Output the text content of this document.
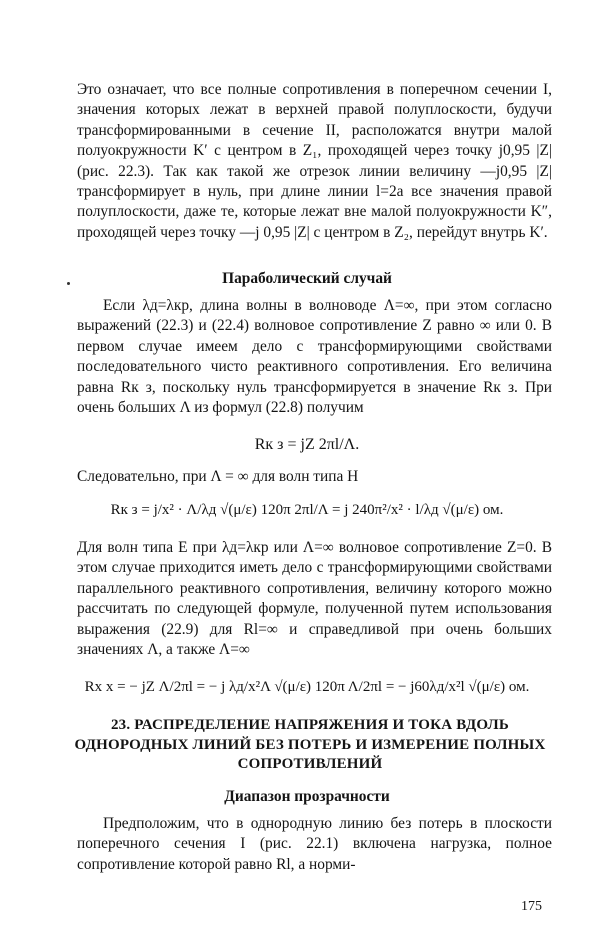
Это означает, что все полные сопротивления в поперечном сечении I, значения которых лежат в верхней правой полуплоскости, будучи трансформированными в сечение II, расположатся внутри малой полуокружности K′ с центром в Z₁, проходящей через точку j0,95 |Z| (рис. 22.3). Так как такой же отрезок линии величину —j0,95 |Z| трансформирует в нуль, при длине линии l=2a все значения правой полуплоскости, даже те, которые лежат вне малой полуокружности K″, проходящей через точку —j 0,95 |Z| с центром в Z₂, перейдут внутрь K′.

Параболический случай

Если λд=λкр, длина волны в волноводе Λ=∞, при этом согласно выражений (22.3) и (22.4) волновое сопротивление Z равно ∞ или 0. В первом случае имеем дело с трансформирующими свойствами последовательного чисто реактивного сопротивления. Его величина равна Rк з, поскольку нуль трансформируется в значение Rк з. При очень больших Λ из формул (22.8) получим

Rк з = jZ 2πl/Λ.

Следовательно, при Λ = ∞ для волн типа H

Rк з = j/x² · Λ/λд √(μ/ε) 120π 2πl/Λ = j 240π²/x² · l/λд √(μ/ε) ом.

Для волн типа E при λд=λкр или Λ=∞ волновое сопротивление Z=0. В этом случае приходится иметь дело с трансформирующими свойствами параллельного реактивного сопротивления, величину которого можно рассчитать по следующей формуле, полученной путем использования выражения (22.9) для Rl=∞ и справедливой при очень больших значениях Λ, а также Λ=∞

Rx x = − jZ Λ/2πl = − j λд/x²Λ √(μ/ε) 120π Λ/2πl = − j60λд/x²l √(μ/ε) ом.
23. РАСПРЕДЕЛЕНИЕ НАПРЯЖЕНИЯ И ТОКА ВДОЛЬ ОДНОРОДНЫХ ЛИНИЙ БЕЗ ПОТЕРЬ И ИЗМЕРЕНИЕ ПОЛНЫХ СОПРОТИВЛЕНИЙ
Диапазон прозрачности

Предположим, что в однородную линию без потерь в плоскости поперечного сечения I (рис. 22.1) включена нагрузка, полное сопротивление которой равно Rl, а норми-

175
